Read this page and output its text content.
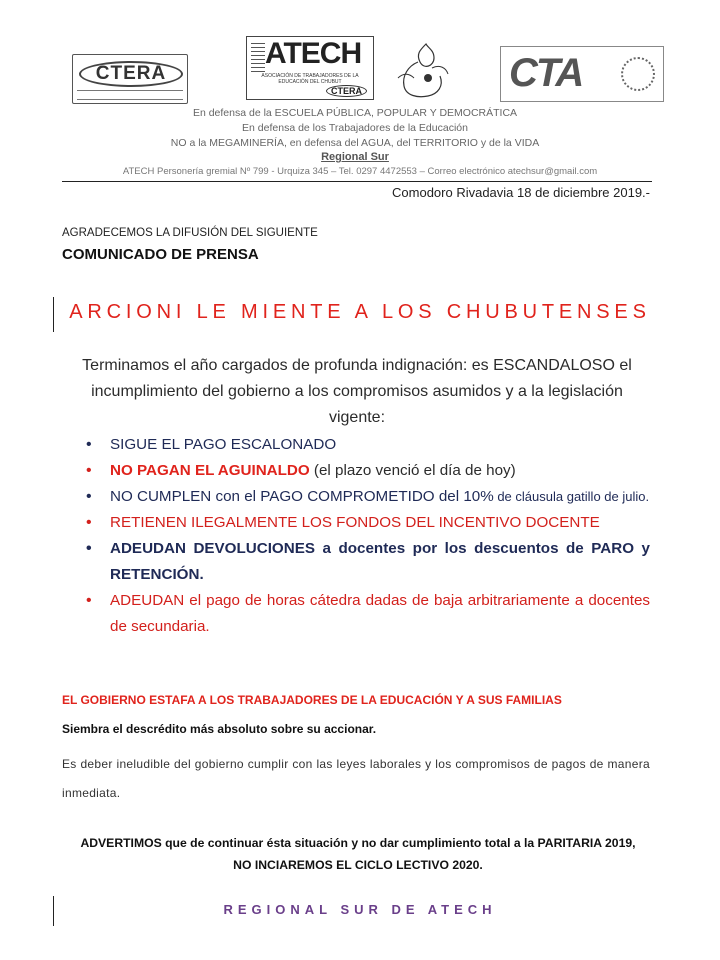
CTERA
ATECH
ASOCIACIÓN DE TRABAJADORES DE LA EDUCACIÓN DEL CHUBUT
CTERA	CTA
En defensa de la ESCUELA PÚBLICA, POPULAR Y DEMOCRÁTICA
En defensa de los Trabajadores de la Educación
NO a la MEGAMINERÍA, en defensa del AGUA, del TERRITORIO y de la VIDA
Regional Sur
ATECH Personería gremial Nº 799 - Urquiza 345 – Tel. 0297 4472553 – Correo electrónico atechsur@gmail.com
Comodoro Rivadavia 18 de diciembre 2019.-
AGRADECEMOS LA DIFUSIÓN DEL SIGUIENTE
COMUNICADO DE PRENSA
ARCIONI LE MIENTE A LOS CHUBUTENSES
Terminamos el año cargados de profunda indignación: es ESCANDALOSO el incumplimiento del gobierno a los compromisos asumidos y a la legislación vigente:
• SIGUE EL PAGO ESCALONADO
• NO PAGAN EL AGUINALDO (el plazo venció el día de hoy)
• NO CUMPLEN con el PAGO COMPROMETIDO del 10% de cláusula gatillo de julio.
• RETIENEN ILEGALMENTE LOS FONDOS DEL INCENTIVO DOCENTE
• ADEUDAN DEVOLUCIONES a docentes por los descuentos de PARO y RETENCIÓN.
• ADEUDAN el pago de horas cátedra dadas de baja arbitrariamente a docentes de secundaria.
EL GOBIERNO ESTAFA A LOS TRABAJADORES DE LA EDUCACIÓN Y A SUS FAMILIAS
Siembra el descrédito más absoluto sobre su accionar.
Es deber ineludible del gobierno cumplir con las leyes laborales y los compromisos de pagos de manera inmediata.
ADVERTIMOS que de continuar ésta situación y no dar cumplimiento total a la PARITARIA 2019, NO INCIAREMOS EL CICLO LECTIVO 2020.
REGIONAL SUR DE ATECH
